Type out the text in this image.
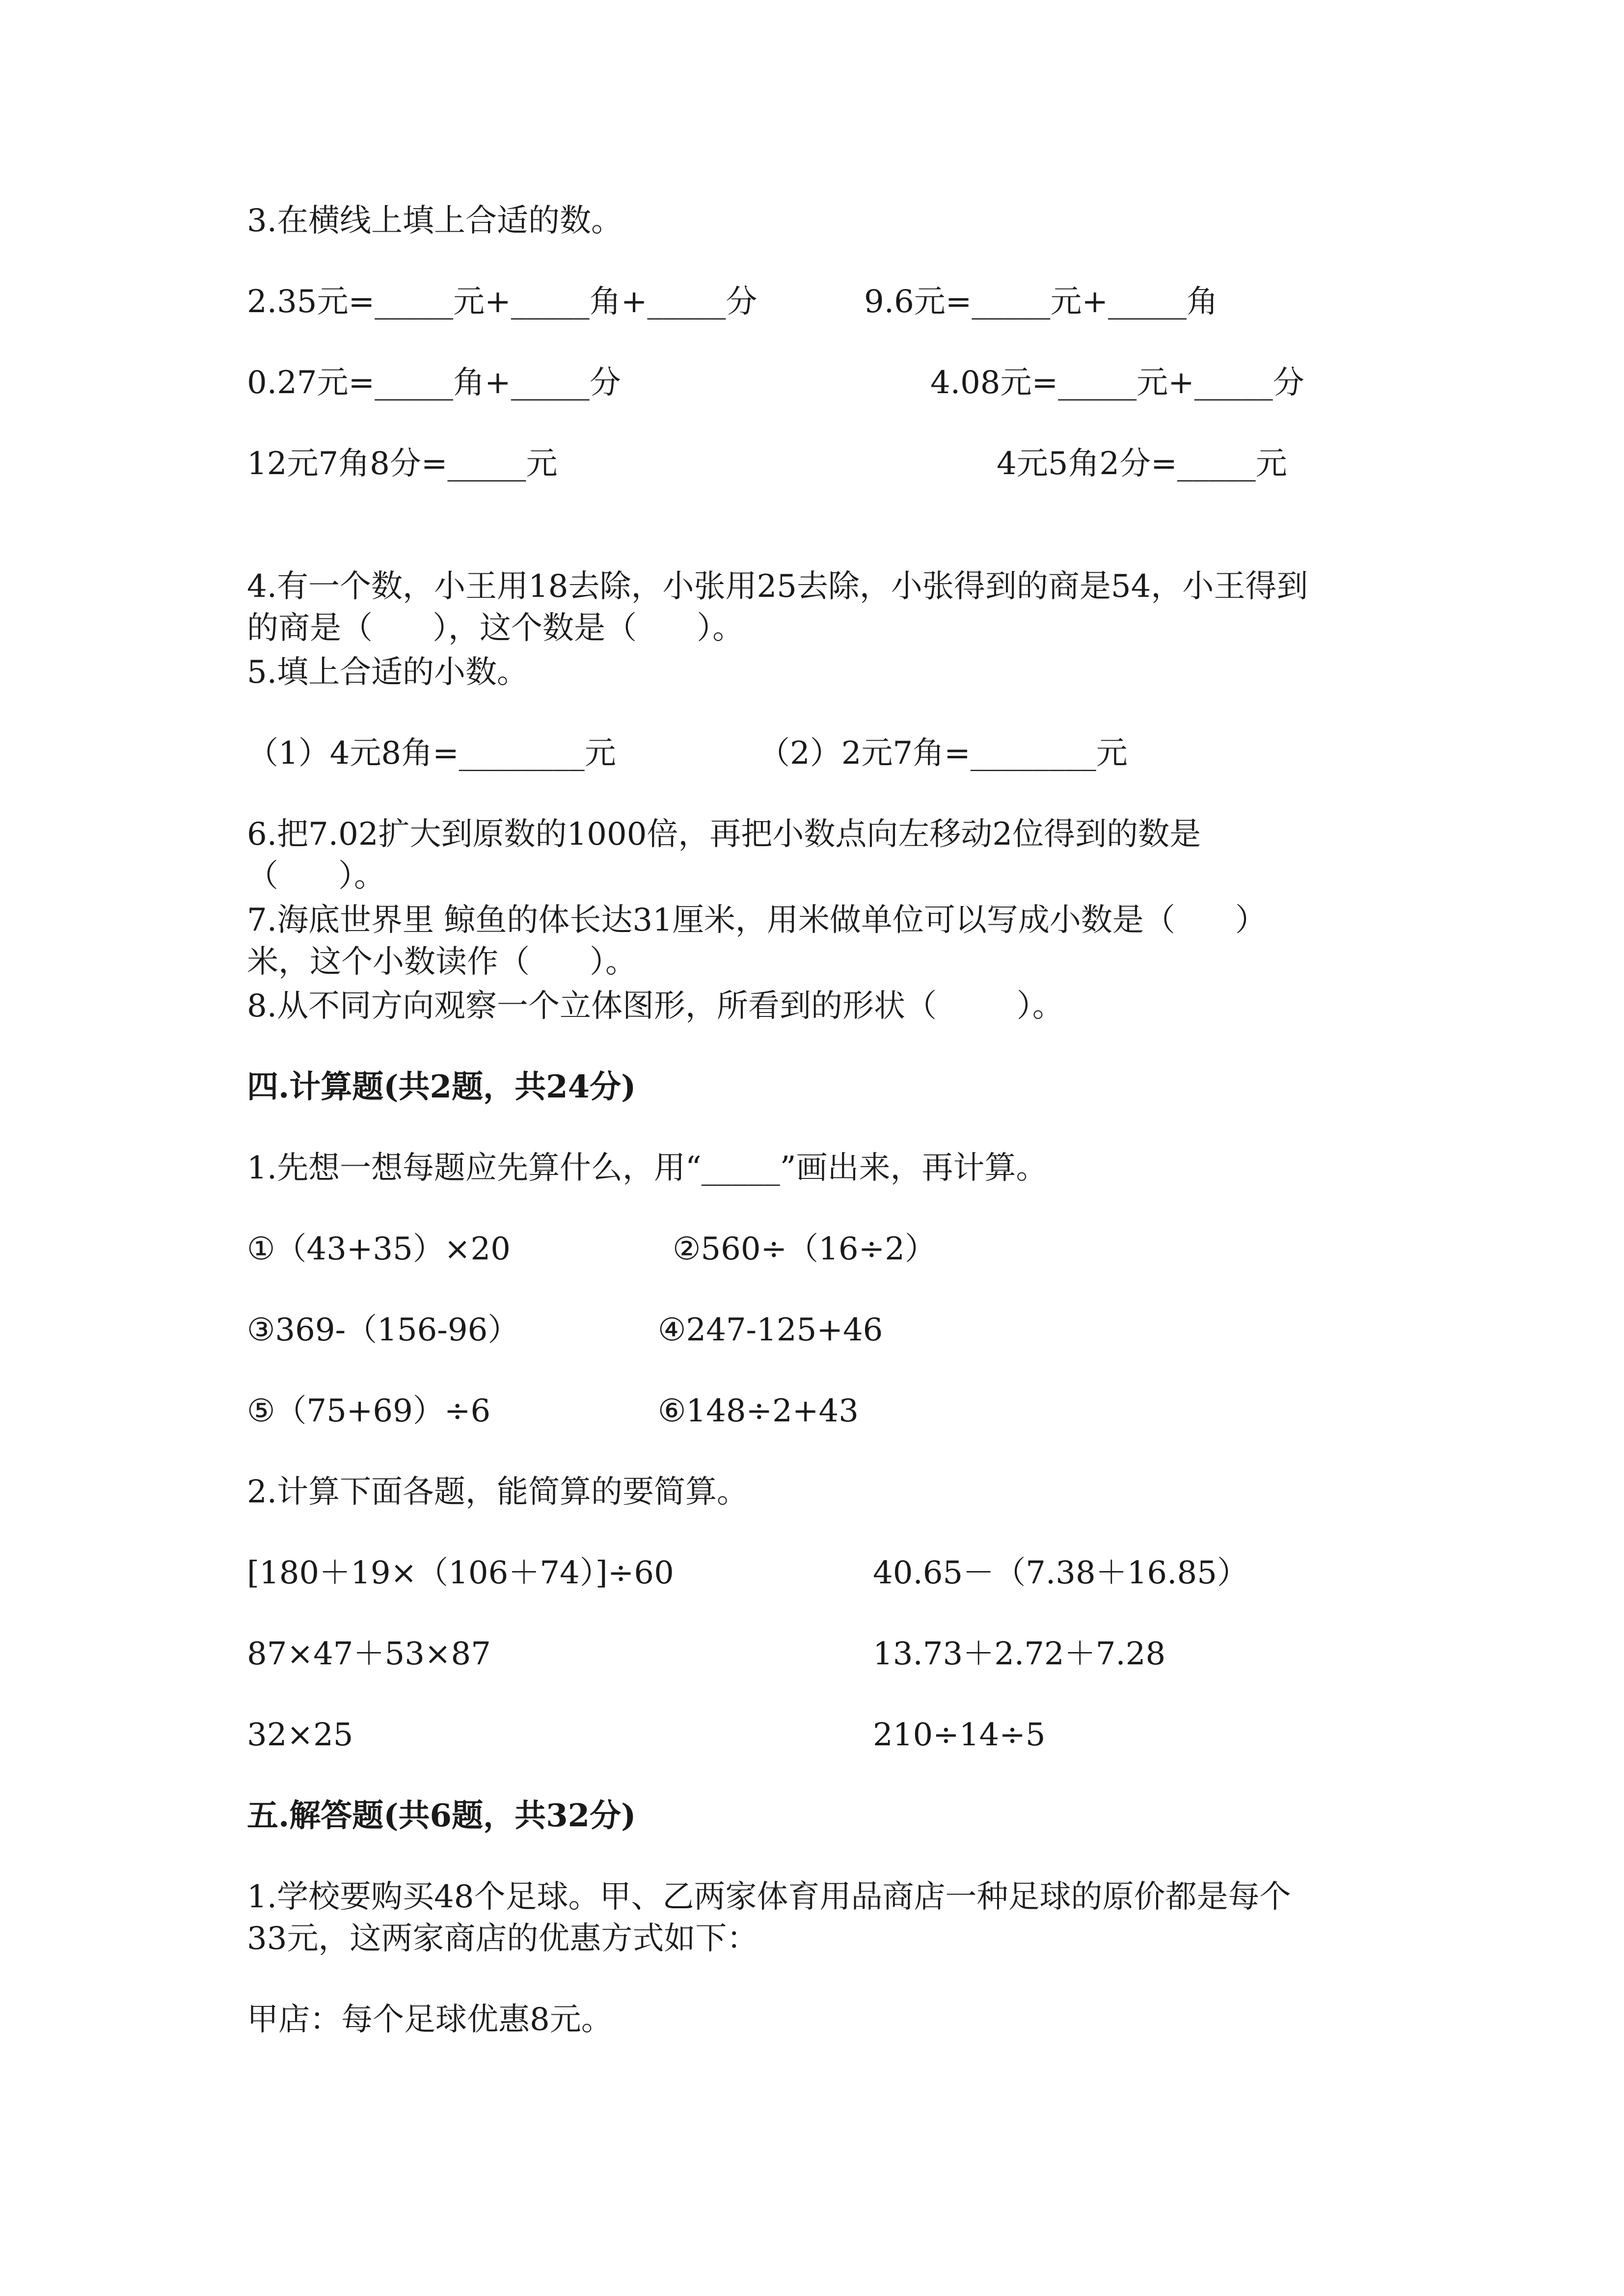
3.在横线上填上合适的数。

2.35元=_____元+_____角+_____分	9.6元=_____元+_____角

0.27元=_____角+_____分	4.08元=_____元+_____分

12元7角8分=_____元	4元5角2分=_____元

4.有一个数，小王用18去除，小张用25去除，小张得到的商是54，小王得到

的商是（      ），这个数是（      ）。

5.填上合适的小数。

（1）4元8角=________元	（2）2元7角=________元

6.把7.02扩大到原数的1000倍，再把小数点向左移动2位得到的数是

（      ）。

7.海底世界里 鲸鱼的体长达31厘米，用米做单位可以写成小数是（      ）

米，这个小数读作（      ）。

8.从不同方向观察一个立体图形，所看到的形状（        ）。

四.计算题(共2题，共24分)

1.先想一想每题应先算什么，用“_____”画出来，再计算。

①（43+35）×20	②560÷（16÷2）

③369-（156-96）	④247-125+46

⑤（75+69）÷6	⑥148÷2+43

2.计算下面各题，能简算的要简算。

[180＋19×（106＋74）]÷60	40.65－（7.38＋16.85）

87×47＋53×87	13.73＋2.72＋7.28

32×25	210÷14÷5

五.解答题(共6题，共32分)

1.学校要购买48个足球。甲、乙两家体育用品商店一种足球的原价都是每个

33元，这两家商店的优惠方式如下：

甲店：每个足球优惠8元。
